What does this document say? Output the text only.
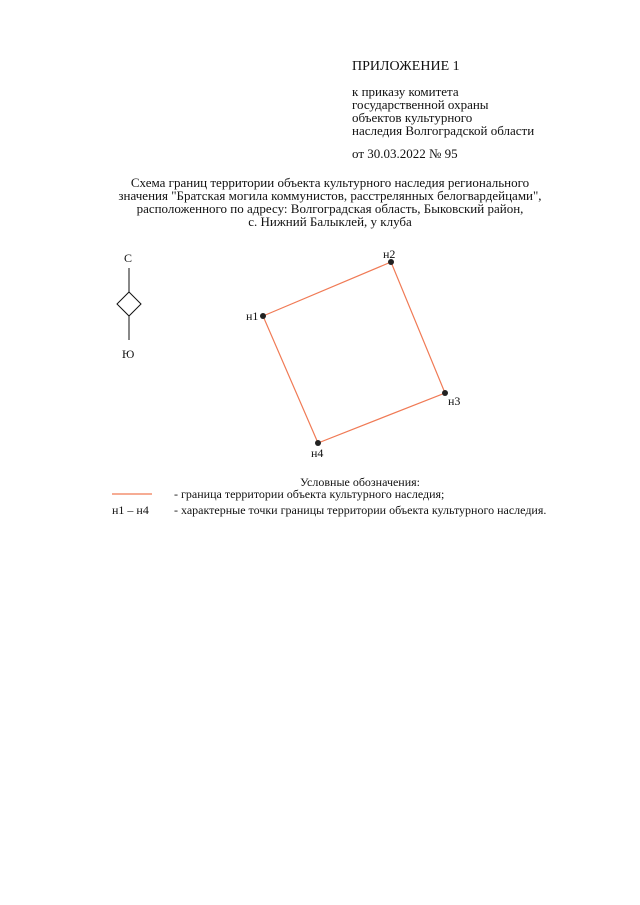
ПРИЛОЖЕНИЕ 1
к приказу комитета
государственной охраны
объектов культурного
наследия Волгоградской области
от 30.03.2022 № 95
Схема границ территории объекта культурного наследия регионального
значения "Братская могила коммунистов, расстрелянных белогвардейцами",
расположенного по адресу: Волгоградская область, Быковский район,
с. Нижний Балыклей, у клуба
С
Ю
н1
н2
н3
н4
Условные обозначения:
- граница территории объекта культурного наследия;
н1 – н4 - характерные точки границы территории объекта культурного наследия.
